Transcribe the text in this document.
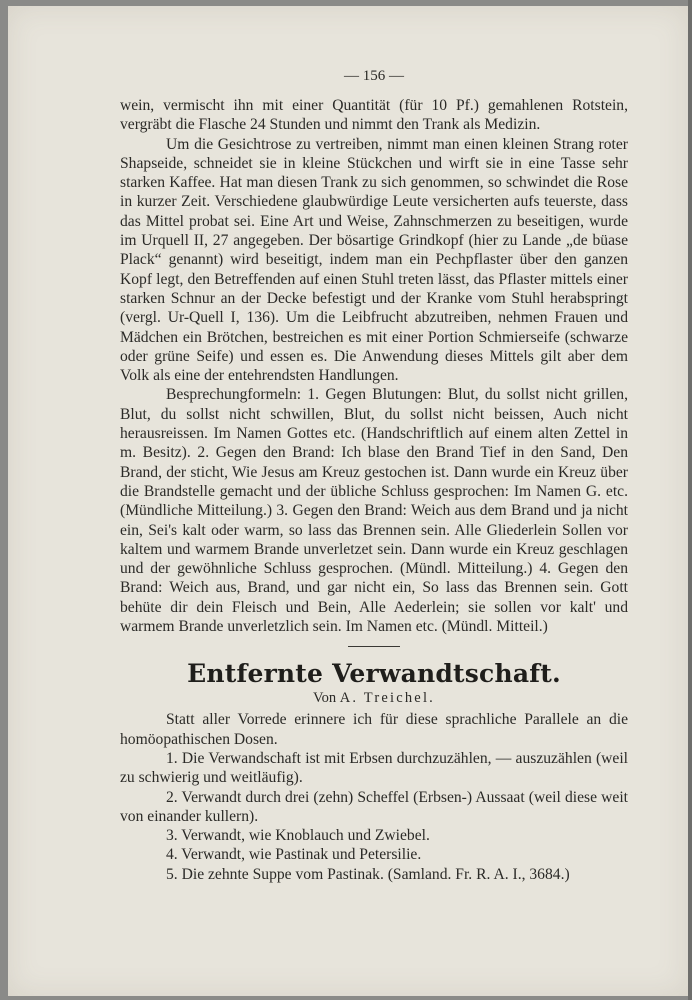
— 156 —

wein, vermischt ihn mit einer Quantität (für 10 Pf.) gemahlenen Rotstein, vergräbt die Flasche 24 Stunden und nimmt den Trank als Medizin.

Um die Gesichtrose zu vertreiben, nimmt man einen kleinen Strang roter Shapseide, schneidet sie in kleine Stückchen und wirft sie in eine Tasse sehr starken Kaffee. Hat man diesen Trank zu sich genommen, so schwindet die Rose in kurzer Zeit. Verschiedene glaubwürdige Leute versicherten aufs teuerste, dass das Mittel probat sei. Eine Art und Weise, Zahnschmerzen zu beseitigen, wurde im Urquell II, 27 angegeben. Der bösartige Grindkopf (hier zu Lande „de büase Plack“ genannt) wird beseitigt, indem man ein Pechpflaster über den ganzen Kopf legt, den Betreffenden auf einen Stuhl treten lässt, das Pflaster mittels einer starken Schnur an der Decke befestigt und der Kranke vom Stuhl herabspringt (vergl. Ur-Quell I, 136). Um die Leibfrucht abzutreiben, nehmen Frauen und Mädchen ein Brötchen, bestreichen es mit einer Portion Schmierseife (schwarze oder grüne Seife) und essen es. Die Anwendung dieses Mittels gilt aber dem Volk als eine der entehrendsten Handlungen.

Besprechungformeln: 1. Gegen Blutungen: Blut, du sollst nicht grillen, Blut, du sollst nicht schwillen, Blut, du sollst nicht beissen, Auch nicht herausreissen. Im Namen Gottes etc. (Handschriftlich auf einem alten Zettel in m. Besitz). 2. Gegen den Brand: Ich blase den Brand Tief in den Sand, Den Brand, der sticht, Wie Jesus am Kreuz gestochen ist. Dann wurde ein Kreuz über die Brandstelle gemacht und der übliche Schluss gesprochen: Im Namen G. etc. (Mündliche Mitteilung.) 3. Gegen den Brand: Weich aus dem Brand und ja nicht ein, Sei's kalt oder warm, so lass das Brennen sein. Alle Gliederlein Sollen vor kaltem und warmem Brande unverletzet sein. Dann wurde ein Kreuz geschlagen und der gewöhnliche Schluss gesprochen. (Mündl. Mitteilung.) 4. Gegen den Brand: Weich aus, Brand, und gar nicht ein, So lass das Brennen sein. Gott behüte dir dein Fleisch und Bein, Alle Aederlein; sie sollen vor kalt' und warmem Brande unverletzlich sein. Im Namen etc. (Mündl. Mitteil.)

Entfernte Verwandtschaft.
Von A. Treichel.

Statt aller Vorrede erinnere ich für diese sprachliche Parallele an die homöopathischen Dosen.

1. Die Verwandschaft ist mit Erbsen durchzuzählen, — auszuzählen (weil zu schwierig und weitläufig).

2. Verwandt durch drei (zehn) Scheffel (Erbsen-) Aussaat (weil diese weit von einander kullern).

3. Verwandt, wie Knoblauch und Zwiebel.

4. Verwandt, wie Pastinak und Petersilie.

5. Die zehnte Suppe vom Pastinak. (Samland. Fr. R. A. I., 3684.)
